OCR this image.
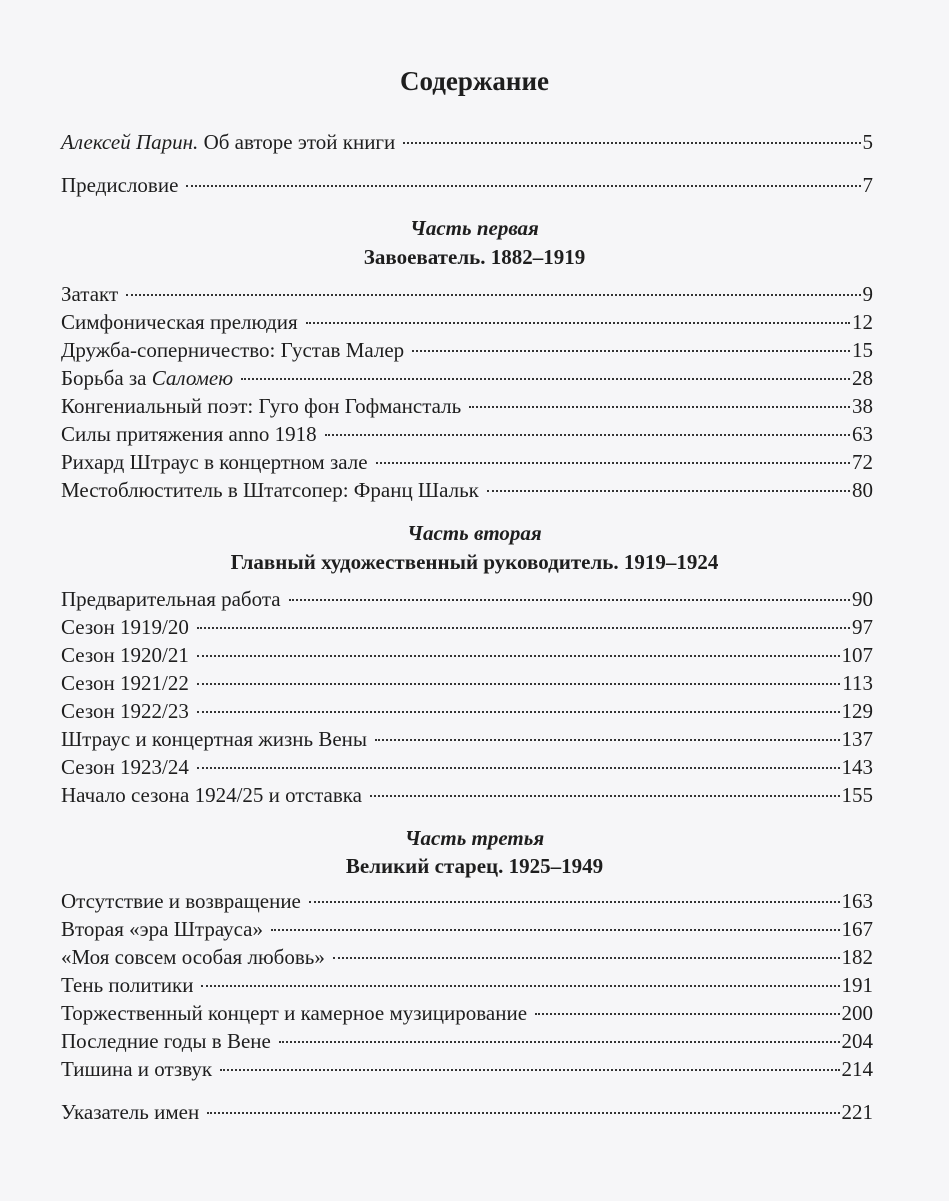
Содержание
Алексей Парин. Об авторе этой книги	5
Предисловие	7
Часть первая
Завоеватель. 1882–1919
Затакт	9
Симфоническая прелюдия	12
Дружба-соперничество: Густав Малер	15
Борьба за Саломею	28
Конгениальный поэт: Гуго фон Гофмансталь	38
Силы притяжения anno 1918	63
Рихард Штраус в концертном зале	72
Местоблюститель в Штатсопер: Франц Шальк	80
Часть вторая
Главный художественный руководитель. 1919–1924
Предварительная работа	90
Сезон 1919/20	97
Сезон 1920/21	107
Сезон 1921/22	113
Сезон 1922/23	129
Штраус и концертная жизнь Вены	137
Сезон 1923/24	143
Начало сезона 1924/25 и отставка	155
Часть третья
Великий старец. 1925–1949
Отсутствие и возвращение	163
Вторая «эра Штрауса»	167
«Моя совсем особая любовь»	182
Тень политики	191
Торжественный концерт и камерное музицирование	200
Последние годы в Вене	204
Тишина и отзвук	214
Указатель имен	221
